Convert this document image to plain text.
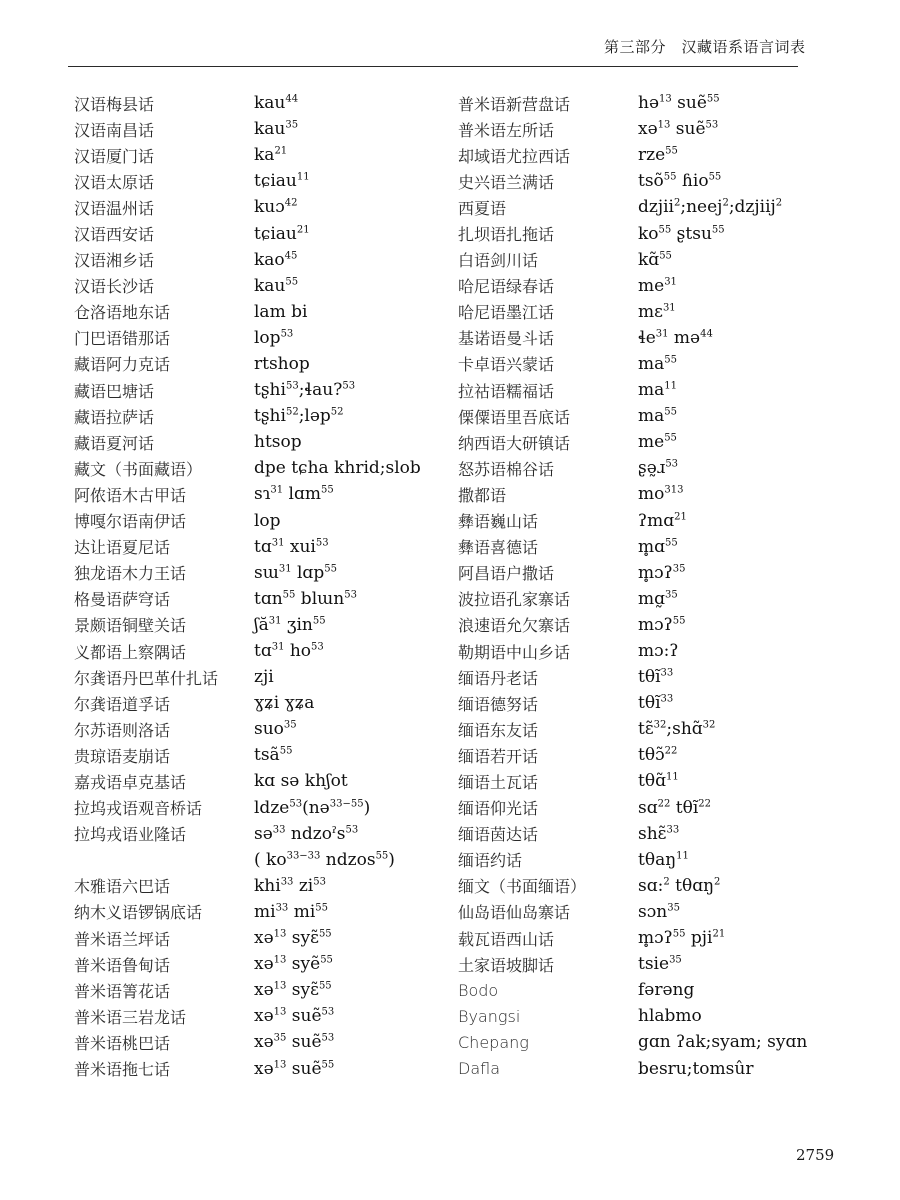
第三部分　汉藏语系语言词表
汉语梅县话	kau$^{44}$
汉语南昌话	kau$^{35}$
汉语厦门话	$ka^{21}$
汉语太原话	tɕiau$^{11}$
汉语温州话	kuɔ$^{42}$
汉语西安话	tɕiau$^{21}$
汉语湘乡话	kao$^{45}$
汉语长沙话	kau$^{55}$
仓洛语地东话	lam bi
门巴语错那话	lop$^{53}$
藏语阿力克话	rtshop
藏语巴塘话	tʂhi$^{53}$;ɬau?$^{53}$
藏语拉萨话	tʂhi$^{52}$;ləp$^{52}$
藏语夏河话	htsop
藏文（书面藏语）	dpe tɕha khrid;slob
阿侬语木古甲话	sɿ$^{31}$ lɑm$^{55}$
博嘎尔语南伊话	lop
达让语夏尼话	tɑ$^{31}$ xui$^{53}$
独龙语木力王话	sɯ$^{31}$ lɑp$^{55}$
格曼语萨穹话	tɑn$^{55}$ blɯn$^{53}$
景颇语铜壁关话	ʃă$^{31}$ ʒin$^{55}$
义都语上察隅话	tɑ$^{31}$ $ho^{53}$
尔龚语丹巴革什扎话	zji
尔龚语道孚话	ɣʑi ɣʑa
尔苏语则洛话	suo$^{35}$
贵琼语麦崩话	tsã$^{55}$
嘉戎语卓克基话	kɑ sə khʃot
拉坞戎语观音桥话	ldze$^{53}$(nə$^{33-55}$)
拉坞戎语业隆话	sə$^{33}$ ndzoˀs$^{53}$
( $ko^{33-33}$ ndzos$^{55}$)
木雅语六巴话	khi$^{33}$ $zi^{53}$
纳木义语锣锅底话	$mi^{33}$ $mi^{55}$
普米语兰坪话	xə$^{13}$ syɛ̃$^{55}$
普米语鲁甸话	xə$^{13}$ syẽ$^{55}$
普米语箐花话	xə$^{13}$ syɛ̃$^{55}$
普米语三岩龙话	xə$^{13}$ suẽ$^{53}$
普米语桃巴话	xə$^{35}$ suẽ$^{53}$
普米语拖七话	xə$^{13}$ suẽ$^{55}$
普米语新营盘话	hə$^{13}$ suẽ$^{55}$
普米语左所话	xə$^{13}$ suẽ$^{53}$
却域语尤拉西话	rze$^{55}$
史兴语兰满话	tsõ$^{55}$ ɦio$^{55}$
西夏语	dzjii$^2$;neej$^2$;dzjiij$^2$
扎坝语扎拖话	$ko^{55}$ ʂtsu$^{55}$
白语剑川话	kɑ̃$^{55}$
哈尼语绿春话	$me^{31}$
哈尼语墨江话	mɛ$^{31}$
基诺语曼斗话	ɬe$^{31}$ mə$^{44}$
卡卓语兴蒙话	$ma^{55}$
拉祜语糯福话	$ma^{11}$
傈僳语里吾底话	$ma^{55}$
纳西语大研镇话	$me^{55}$
怒苏语棉谷话	ʂə̰ɹ$^{53}$
撒都语	$mo^{313}$
彝语巍山话	ʔmɑ$^{21}$
彝语喜德话	m̥ɑ$^{55}$
阿昌语户撒话	m̥ɔʔ$^{35}$
波拉语孔家寨话	mɑ̰$^{35}$
浪速语允欠寨话	mɔʔ$^{55}$
勒期语中山乡话	mɔ:ʔ
缅语丹老话	tθĩ$^{33}$
缅语德努话	tθĩ$^{33}$
缅语东友话	tɛ̃$^{32}$;shɑ̃$^{32}$
缅语若开话	tθɔ̃$^{22}$
缅语土瓦话	tθɑ̃$^{11}$
缅语仰光话	sɑ$^{22}$ tθĩ$^{22}$
缅语茵达话	shɛ̃$^{33}$
缅语约话	tθaŋ$^{11}$
缅文（书面缅语）	sɑ:$^2$ tθɑŋ$^2$
仙岛语仙岛寨话	sɔn$^{35}$
载瓦语西山话	m̥ɔʔ$^{55}$ pji$^{21}$
土家语坡脚话	tsie$^{35}$
Bodo	fərəng
Byangsi	hlabmo
Chepang	gɑn ʔak;syam; syɑn
Dafla	besru;tomsûr
2759
